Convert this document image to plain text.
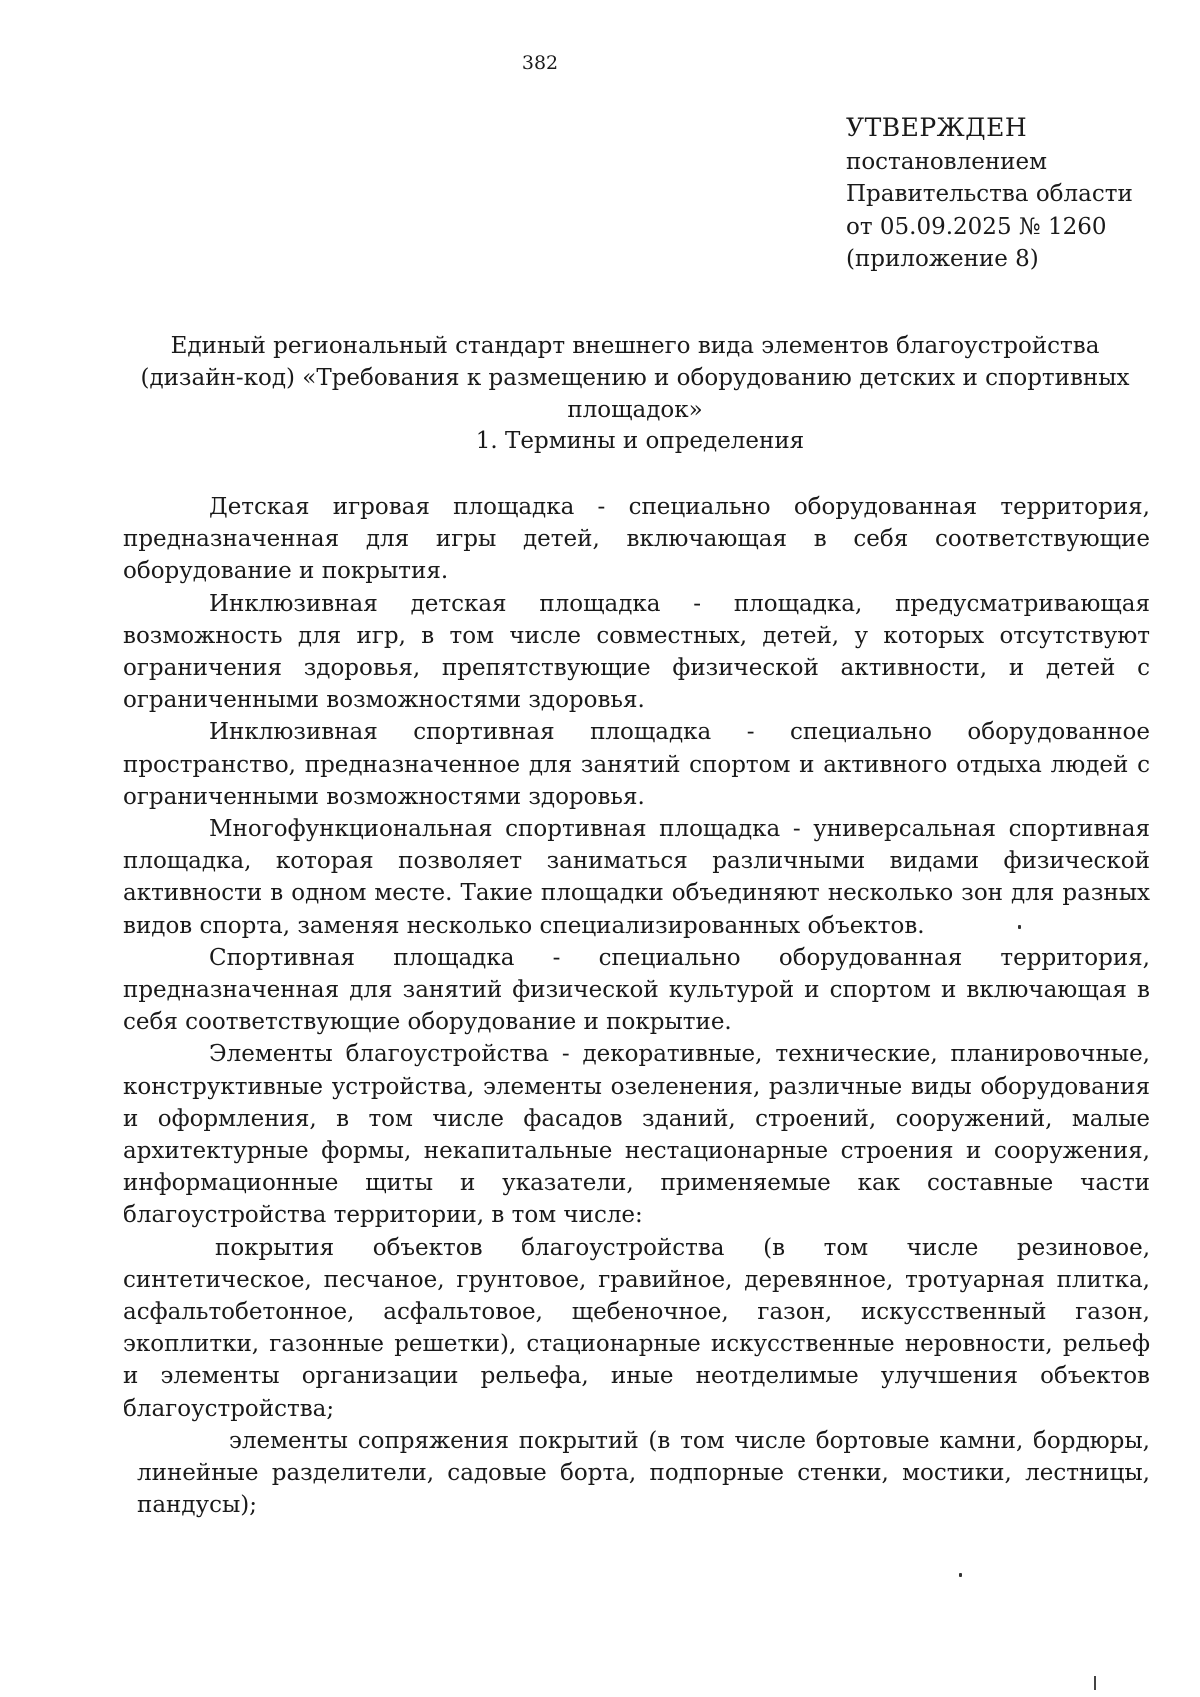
382
УТВЕРЖДЕН
постановлением
Правительства области
от 05.09.2025 № 1260
(приложение 8)
Единый региональный стандарт внешнего вида элементов благоустройства (дизайн-код) «Требования к размещению и оборудованию детских и спортивных площадок»
1. Термины и определения

Детская игровая площадка - специально оборудованная территория, предназначенная для игры детей, включающая в себя соответствующие оборудование и покрытия.

Инклюзивная детская площадка - площадка, предусматривающая возможность для игр, в том числе совместных, детей, у которых отсутствуют ограничения здоровья, препятствующие физической активности, и детей с ограниченными возможностями здоровья.

Инклюзивная спортивная площадка - специально оборудованное пространство, предназначенное для занятий спортом и активного отдыха людей с ограниченными возможностями здоровья.

Многофункциональная спортивная площадка - универсальная спортивная площадка, которая позволяет заниматься различными видами физической активности в одном месте. Такие площадки объединяют несколько зон для разных видов спорта, заменяя несколько специализированных объектов.

Спортивная площадка - специально оборудованная территория, предназначенная для занятий физической культурой и спортом и включающая в себя соответствующие оборудование и покрытие.

Элементы благоустройства - декоративные, технические, планировочные, конструктивные устройства, элементы озеленения, различные виды оборудования и оформления, в том числе фасадов зданий, строений, сооружений, малые архитектурные формы, некапитальные нестационарные строения и сооружения, информационные щиты и указатели, применяемые как составные части благоустройства территории, в том числе:

покрытия объектов благоустройства (в том числе резиновое, синтетическое, песчаное, грунтовое, гравийное, деревянное, тротуарная плитка, асфальтобетонное, асфальтовое, щебеночное, газон, искусственный газон, экоплитки, газонные решетки), стационарные искусственные неровности, рельеф и элементы организации рельефа, иные неотделимые улучшения объектов благоустройства;

элементы сопряжения покрытий (в том числе бортовые камни, бордюры, линейные разделители, садовые борта, подпорные стенки, мостики, лестницы, пандусы);
